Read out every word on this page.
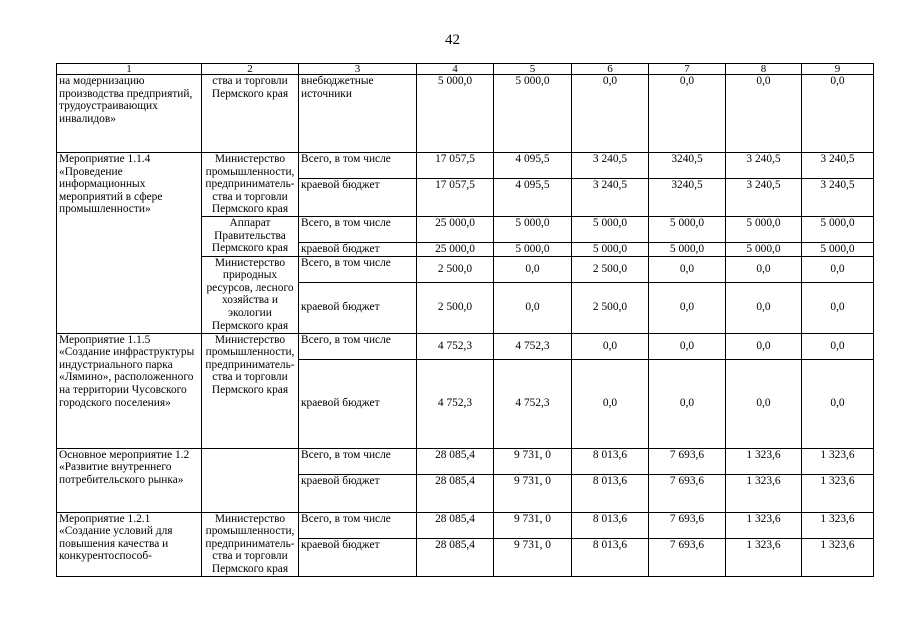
42
1	2	3	4	5	6	7	8	9
на модернизацию производства предприятий, трудоустраивающих инвалидов»	ства и торговли Пермского края	внебюджетные источники	5 000,0	5 000,0	0,0	0,0	0,0	0,0
Мероприятие 1.1.4 «Проведение информационных мероприятий в сфере промышленности»	Министерство промышленности, предприниматель-ства и торговли Пермского края	Всего, в том числе	17 057,5	4 095,5	3 240,5	3240,5	3 240,5	3 240,5
		краевой бюджет	17 057,5	4 095,5	3 240,5	3240,5	3 240,5	3 240,5
	Аппарат Правительства Пермского края	Всего, в том числе	25 000,0	5 000,0	5 000,0	5 000,0	5 000,0	5 000,0
		краевой бюджет	25 000,0	5 000,0	5 000,0	5 000,0	5 000,0	5 000,0
	Министерство природных ресурсов, лесного хозяйства и экологии Пермского края	Всего, в том числе	2 500,0	0,0	2 500,0	0,0	0,0	0,0
		краевой бюджет	2 500,0	0,0	2 500,0	0,0	0,0	0,0
Мероприятие 1.1.5 «Создание инфраструктуры индустриального парка «Лямино», расположенного на территории Чусовского городского поселения»	Министерство промышленности, предприниматель-ства и торговли Пермского края	Всего, в том числе	4 752,3	4 752,3	0,0	0,0	0,0	0,0
		краевой бюджет	4 752,3	4 752,3	0,0	0,0	0,0	0,0
Основное мероприятие 1.2 «Развитие внутреннего потребительского рынка»		Всего, в том числе	28 085,4	9 731, 0	8 013,6	7 693,6	1 323,6	1 323,6
		краевой бюджет	28 085,4	9 731, 0	8 013,6	7 693,6	1 323,6	1 323,6
Мероприятие 1.2.1 «Создание условий для повышения качества и конкурентоспособ-	Министерство промышленности, предприниматель-ства и торговли Пермского края	Всего, в том числе	28 085,4	9 731, 0	8 013,6	7 693,6	1 323,6	1 323,6
		краевой бюджет	28 085,4	9 731, 0	8 013,6	7 693,6	1 323,6	1 323,6
